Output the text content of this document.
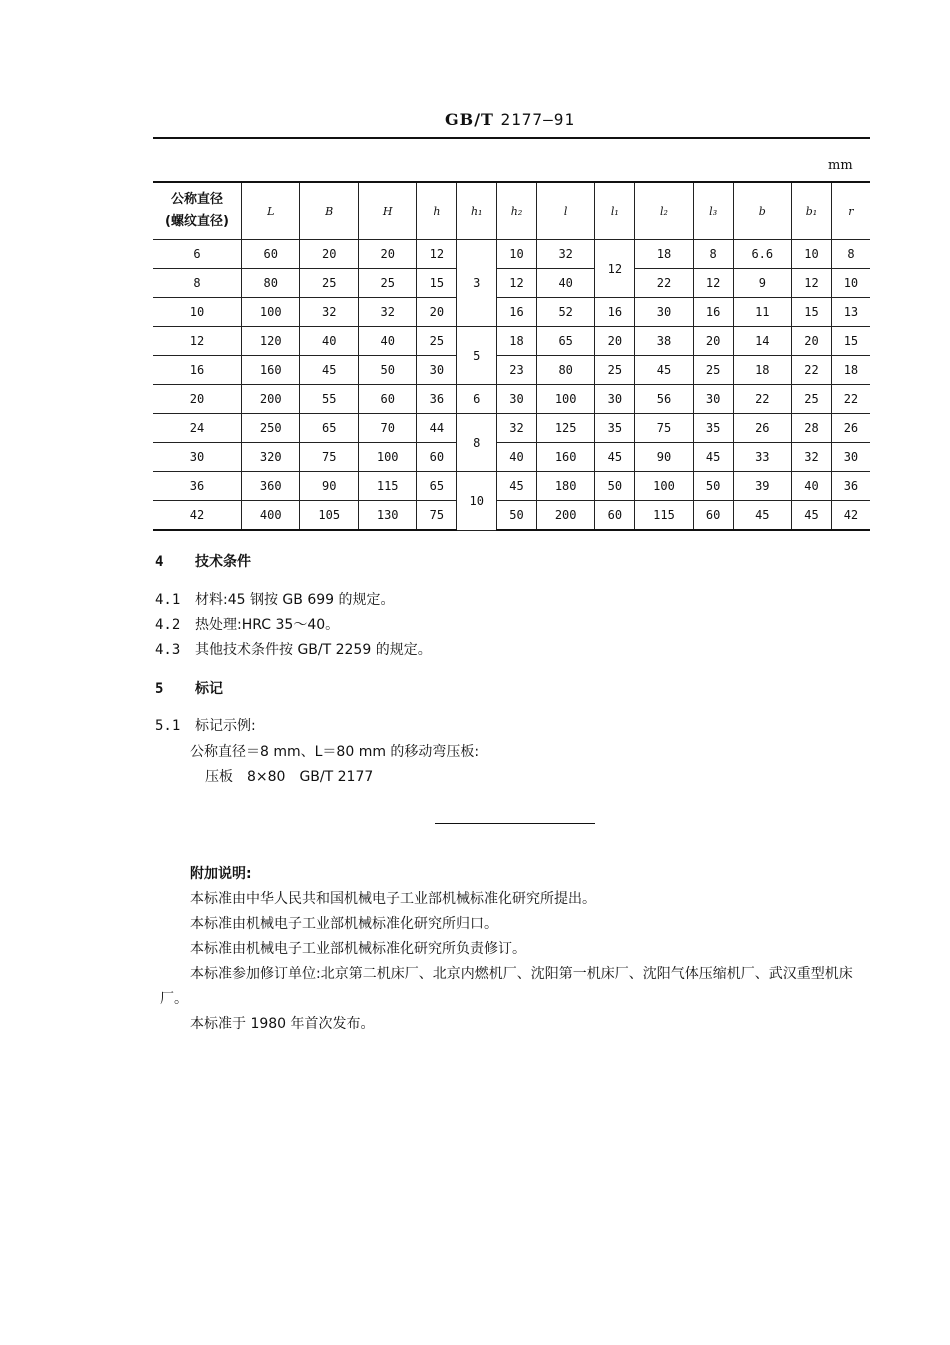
GB/T 2177—91
mm
公称直径
(螺纹直径)	L	B	H	h	h₁	h₂	l	l₁	l₂	l₃	b	b₁	r
6	60	20	20	12	3	10	32	12	18	8	6.6	10	8
8	80	25	25	15		12	40		22	12	9	12	10
10	100	32	32	20		16	52	16	30	16	11	15	13
12	120	40	40	25	5	18	65	20	38	20	14	20	15
16	160	45	50	30		23	80	25	45	25	18	22	18
20	200	55	60	36	6	30	100	30	56	30	22	25	22
24	250	65	70	44	8	32	125	35	75	35	26	28	26
30	320	75	100	60		40	160	45	90	45	33	32	30
36	360	90	115	65	10	45	180	50	100	50	39	40	36
42	400	105	130	75		50	200	60	115	60	45	45	42
4 技术条件
4.1 材料:45 钢按 GB 699 的规定。
4.2 热处理:HRC 35～40。
4.3 其他技术条件按 GB/T 2259 的规定。
5 标记
5.1 标记示例:
公称直径＝8 mm、L＝80 mm 的移动弯压板:
压板　8×80　GB/T 2177

附加说明:

本标准由中华人民共和国机械电子工业部机械标准化研究所提出。

本标准由机械电子工业部机械标准化研究所归口。

本标准由机械电子工业部机械标准化研究所负责修订。

本标准参加修订单位:北京第二机床厂、北京内燃机厂、沈阳第一机床厂、沈阳气体压缩机厂、武汉重型机床厂。

本标准于 1980 年首次发布。
